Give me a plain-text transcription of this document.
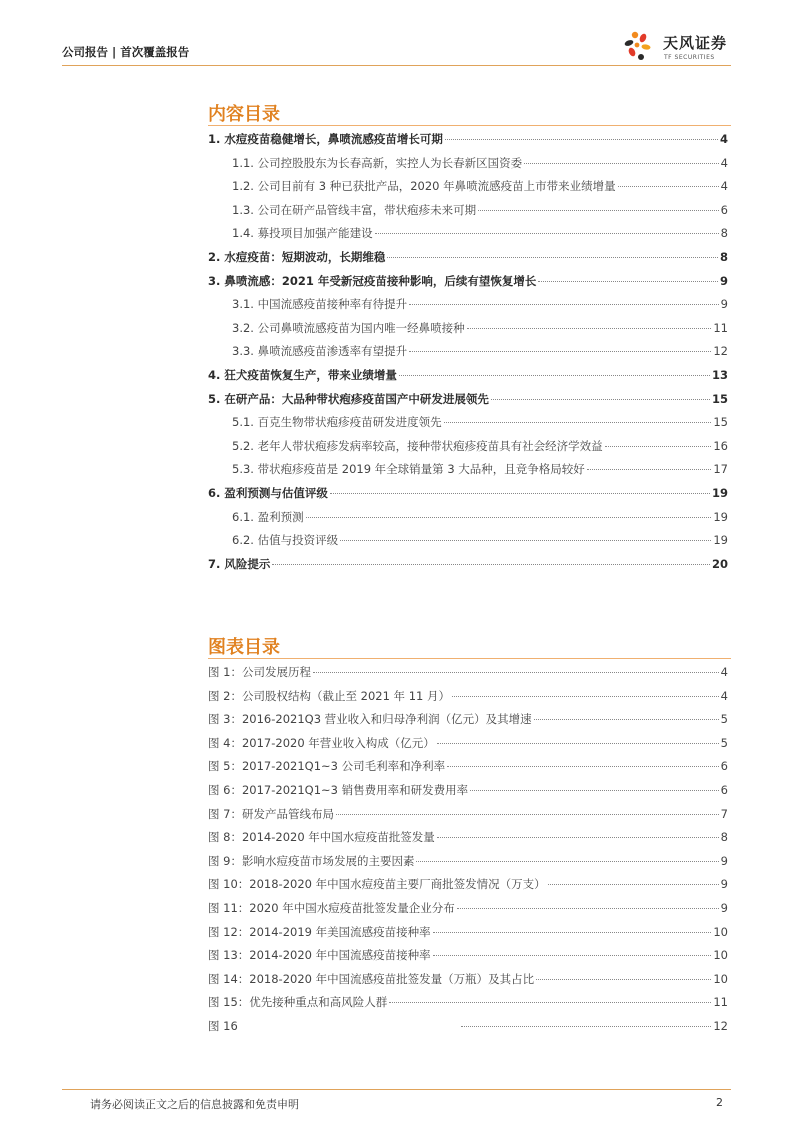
公司报告 | 首次覆盖报告	天风证券
TF SECURITIES
内容目录
1. 水痘疫苗稳健增长，鼻喷流感疫苗增长可期	4
1.1. 公司控股股东为长春高新，实控人为长春新区国资委	4
1.2. 公司目前有 3 种已获批产品，2020 年鼻喷流感疫苗上市带来业绩增量	4
1.3. 公司在研产品管线丰富，带状疱疹未来可期	6
1.4. 募投项目加强产能建设	8
2. 水痘疫苗：短期波动，长期维稳	8
3. 鼻喷流感：2021 年受新冠疫苗接种影响，后续有望恢复增长	9
3.1. 中国流感疫苗接种率有待提升	9
3.2. 公司鼻喷流感疫苗为国内唯一经鼻喷接种	11
3.3. 鼻喷流感疫苗渗透率有望提升	12
4. 狂犬疫苗恢复生产，带来业绩增量	13
5. 在研产品：大品种带状疱疹疫苗国产中研发进展领先	15
5.1. 百克生物带状疱疹疫苗研发进度领先	15
5.2. 老年人带状疱疹发病率较高，接种带状疱疹疫苗具有社会经济学效益	16
5.3. 带状疱疹疫苗是 2019 年全球销量第 3 大品种，且竞争格局较好	17
6. 盈利预测与估值评级	19
6.1. 盈利预测	19
6.2. 估值与投资评级	19
7. 风险提示	20
图表目录
图 1：公司发展历程	4
图 2：公司股权结构（截止至 2021 年 11 月）	4
图 3：2016-2021Q3 营业收入和归母净利润（亿元）及其增速	5
图 4：2017-2020 年营业收入构成（亿元）	5
图 5：2017-2021Q1~3 公司毛利率和净利率	6
图 6：2017-2021Q1~3 销售费用率和研发费用率	6
图 7：研发产品管线布局	7
图 8：2014-2020 年中国水痘疫苗批签发量	8
图 9：影响水痘疫苗市场发展的主要因素	9
图 10：2018-2020 年中国水痘疫苗主要厂商批签发情况（万支）	9
图 11：2020 年中国水痘疫苗批签发量企业分布	9
图 12：2014-2019 年美国流感疫苗接种率	10
图 13：2014-2020 年中国流感疫苗接种率	10
图 14：2018-2020 年中国流感疫苗批签发量（万瓶）及其占比	10
图 15：优先接种重点和高风险人群	11
图 16	12
请务必阅读正文之后的信息披露和免责申明	2
